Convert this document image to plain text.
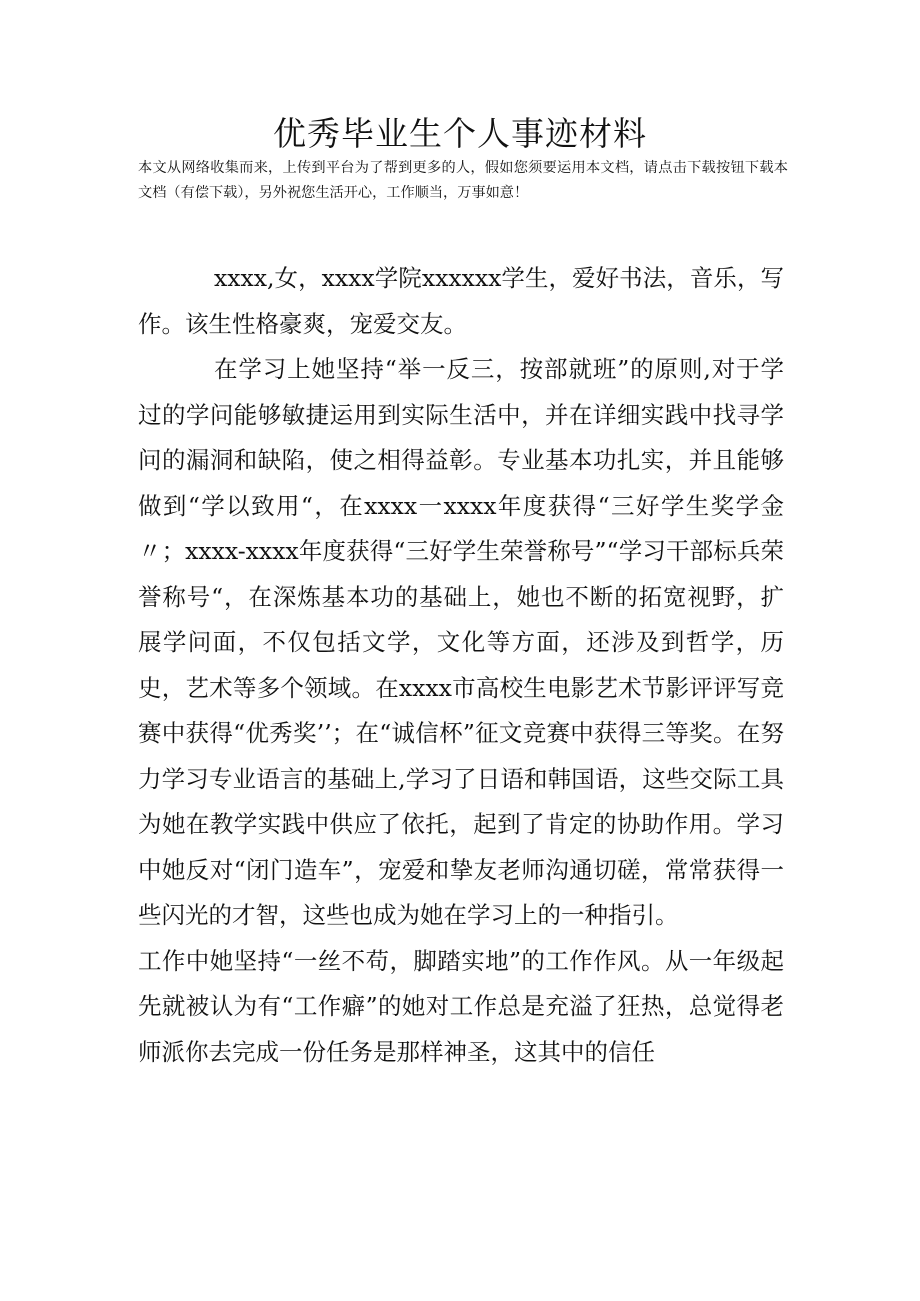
优秀毕业生个人事迹材料

本文从网络收集而来，上传到平台为了帮到更多的人，假如您须要运用本文档，请点击下载按钮下载本文档（有偿下载），另外祝您生活开心，工作顺当，万事如意！

xxxx,女，xxxx学院xxxxxx学生，爱好书法，音乐，写作。该生性格豪爽，宠爱交友。

在学习上她坚持“举一反三，按部就班”的原则,对于学过的学问能够敏捷运用到实际生活中，并在详细实践中找寻学问的漏洞和缺陷，使之相得益彰。专业基本功扎实，并且能够做到“学以致用“，在xxxx一xxxx年度获得“三好学生奖学金〃；xxxx-xxxx年度获得“三好学生荣誉称号”“学习干部标兵荣誉称号“，在深炼基本功的基础上，她也不断的拓宽视野，扩展学问面，不仅包括文学，文化等方面，还涉及到哲学，历史，艺术等多个领域。在xxxx市高校生电影艺术节影评评写竞赛中获得“优秀奖’’；在“诚信杯”征文竞赛中获得三等奖。在努力学习专业语言的基础上,学习了日语和韩国语，这些交际工具为她在教学实践中供应了依托，起到了肯定的协助作用。学习中她反对“闭门造车”，宠爱和挚友老师沟通切磋，常常获得一些闪光的才智，这些也成为她在学习上的一种指引。

工作中她坚持“一丝不苟，脚踏实地”的工作作风。从一年级起先就被认为有“工作癖”的她对工作总是充溢了狂热，总觉得老师派你去完成一份任务是那样神圣，这其中的信任
